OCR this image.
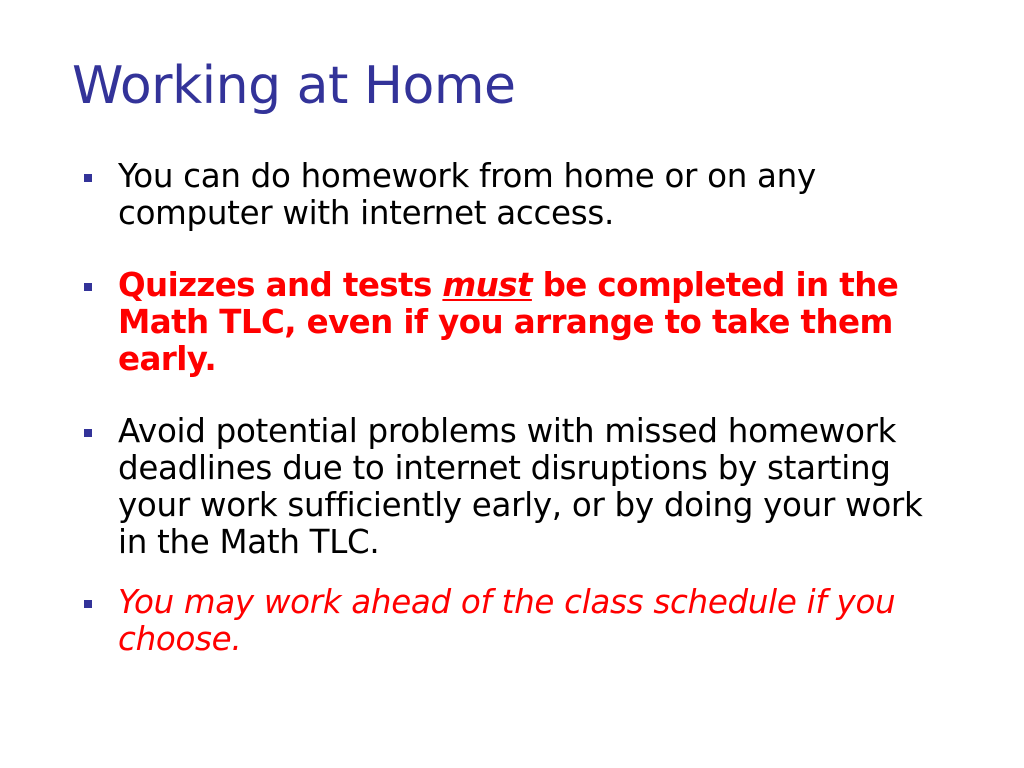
Working at Home
You can do homework from home or on any computer with internet access.
Quizzes and tests must be completed in the Math TLC, even if you arrange to take them early.
Avoid potential problems with missed homework deadlines due to internet disruptions by starting your work sufficiently early, or by doing your work in the Math TLC.
You may work ahead of the class schedule if you choose.
